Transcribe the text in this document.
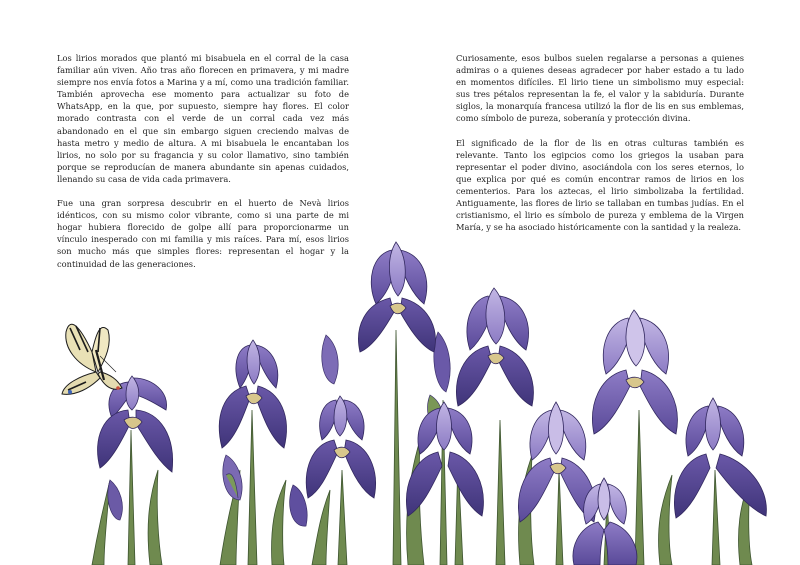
Los lirios morados que plantó mi bisabuela en el corral de la casa familiar aún viven. Año tras año florecen en primavera, y mi madre siempre nos envía fotos a Marina y a mí, como una tradición familiar. También aprovecha ese momento para actualizar su foto de WhatsApp, en la que, por supuesto, siempre hay flores. El color morado contrasta con el verde de un corral cada vez más abandonado en el que sin embargo siguen creciendo malvas de hasta metro y medio de altura. A mi bisabuela le encantaban los lirios, no solo por su fragancia y su color llamativo, sino también porque se reproducían de manera abundante sin apenas cuidados, llenando su casa de vida cada primavera.

Fue una gran sorpresa descubrir en el huerto de Nevà lirios idénticos, con su mismo color vibrante, como si una parte de mi hogar hubiera florecido de golpe allí para proporcionarme un vínculo inesperado con mi familia y mis raíces. Para mí, esos lirios son mucho más que simples flores: representan el hogar y la continuidad de las generaciones.

Curiosamente, esos bulbos suelen regalarse a personas a quienes admiras o a quienes deseas agradecer por haber estado a tu lado en momentos difíciles. El lirio tiene un simbolismo muy especial: sus tres pétalos representan la fe, el valor y la sabiduría. Durante siglos, la monarquía francesa utilizó la flor de lis en sus emblemas, como símbolo de pureza, soberanía y protección divina.

El significado de la flor de lis en otras culturas también es relevante. Tanto los egipcios como los griegos la usaban para representar el poder divino, asociándola con los seres eternos, lo que explica por qué es común encontrar ramos de lirios en los cementerios. Para los aztecas, el lirio simbolizaba la fertilidad. Antiguamente, las flores de lirio se tallaban en tumbas judías. En el cristianismo, el lirio es símbolo de pureza y emblema de la Virgen María, y se ha asociado históricamente con la santidad y la realeza.
